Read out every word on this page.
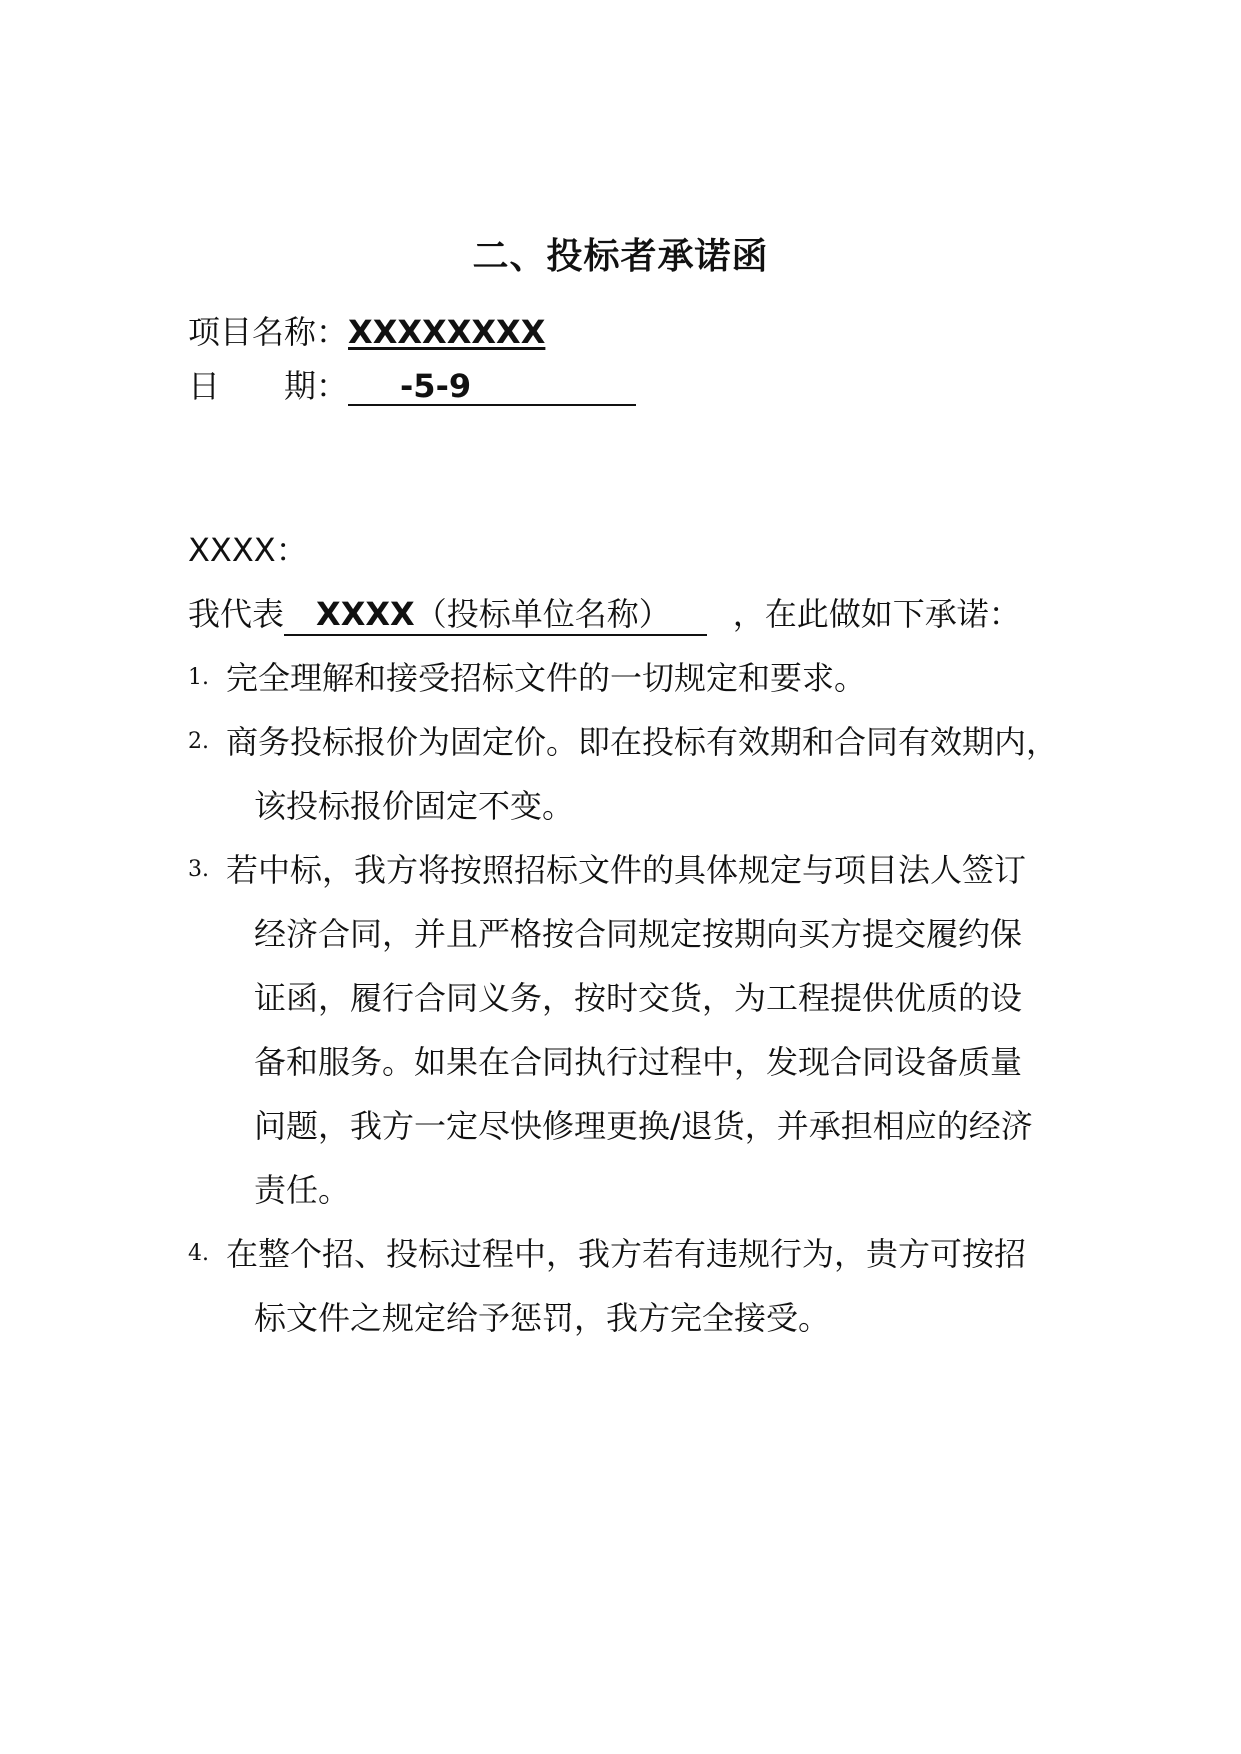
二、投标者承诺函
项目名称：XXXXXXXX
日　　期： -5-9
XXXX：
我代表 XXXX（投标单位名称） ，在此做如下承诺：
1. 完全理解和接受招标文件的一切规定和要求。
2. 商务投标报价为固定价。即在投标有效期和合同有效期内，
该投标报价固定不变。
3. 若中标，我方将按照招标文件的具体规定与项目法人签订
经济合同，并且严格按合同规定按期向买方提交履约保
证函，履行合同义务，按时交货，为工程提供优质的设
备和服务。如果在合同执行过程中，发现合同设备质量
问题，我方一定尽快修理更换/退货，并承担相应的经济
责任。
4. 在整个招、投标过程中，我方若有违规行为，贵方可按招
标文件之规定给予惩罚，我方完全接受。
